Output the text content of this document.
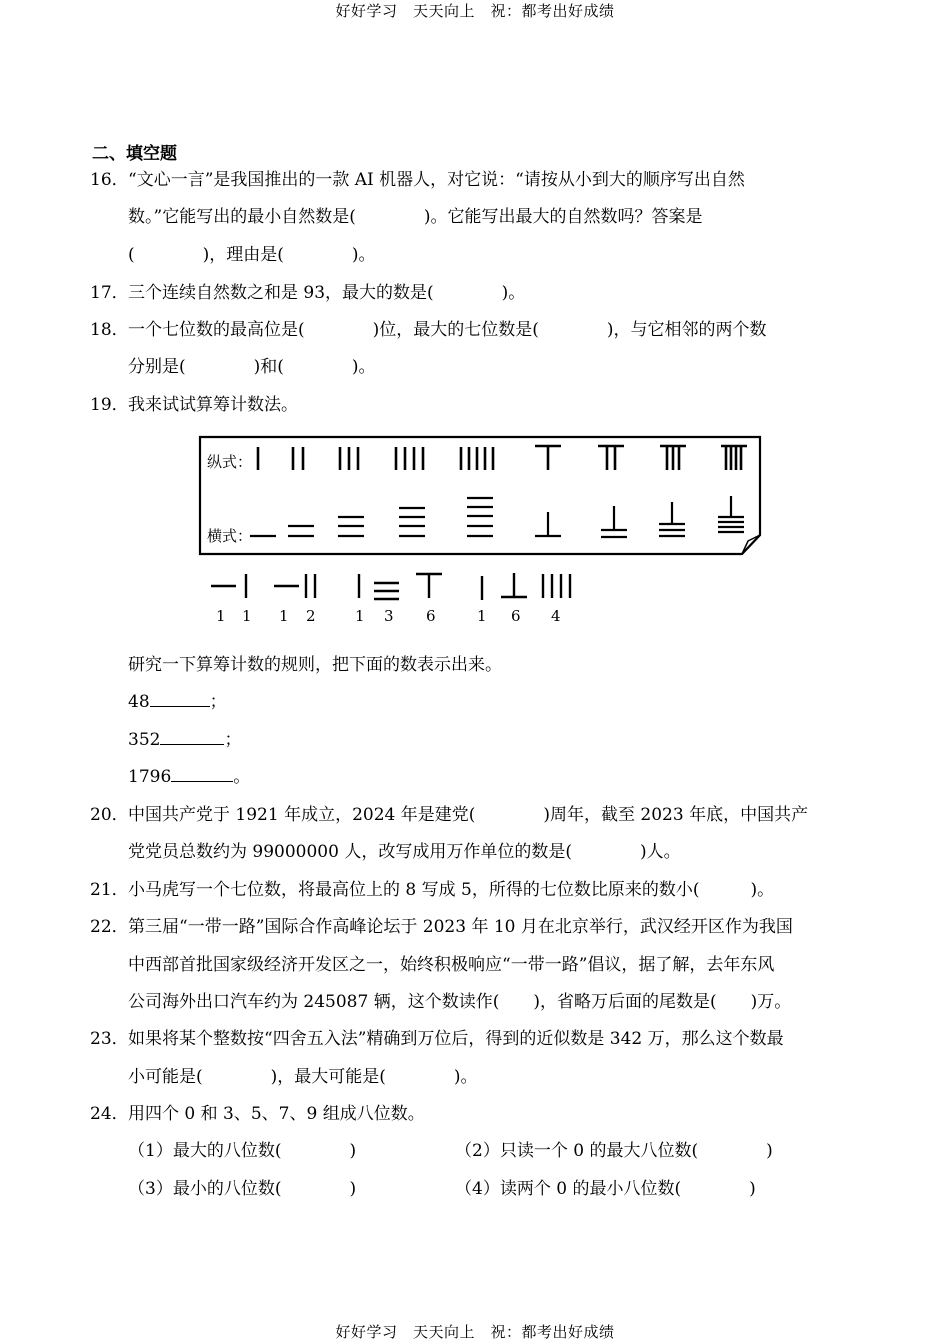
好好学习　天天向上　祝：都考出好成绩
二、填空题
16． “文心一言”是我国推出的一款 AI 机器人，对它说：“请按从小到大的顺序写出自然
数。”它能写出的最小自然数是(　　　　)。它能写出最大的自然数吗？答案是
(　　　　)，理由是(　　　　)。
17． 三个连续自然数之和是 93，最大的数是(　　　　)。
18． 一个七位数的最高位是(　　　　)位，最大的七位数是(　　　　)，与它相邻的两个数
分别是(　　　　)和(　　　　)。
19． 我来试试算筹计数法。
纵式：
横式：
1 1 1 2	1 3 6	1 6 4
研究一下算筹计数的规则，把下面的数表示出来。
48	；
352	；
1796	。
20． 中国共产党于 1921 年成立，2024 年是建党(　　　　)周年，截至 2023 年底，中国共产
党党员总数约为 99000000 人，改写成用万作单位的数是(　　　　)人。
21． 小马虎写一个七位数，将最高位上的 8 写成 5，所得的七位数比原来的数小(　　　)。
22． 第三届“一带一路”国际合作高峰论坛于 2023 年 10 月在北京举行，武汉经开区作为我国
中西部首批国家级经济开发区之一，始终积极响应“一带一路”倡议，据了解，去年东风
公司海外出口汽车约为 245087 辆，这个数读作(　　)，省略万后面的尾数是(　　)万。
23． 如果将某个整数按“四舍五入法”精确到万位后，得到的近似数是 342 万，那么这个数最
小可能是(　　　　)，最大可能是(　　　　)。
24． 用四个 0 和 3、5、7、9 组成八位数。
（1）最大的八位数(　　　　)	（2）只读一个 0 的最大八位数(　　　　)
（3）最小的八位数(　　　　)	（4）读两个 0 的最小八位数(　　　　)
好好学习　天天向上　祝：都考出好成绩
